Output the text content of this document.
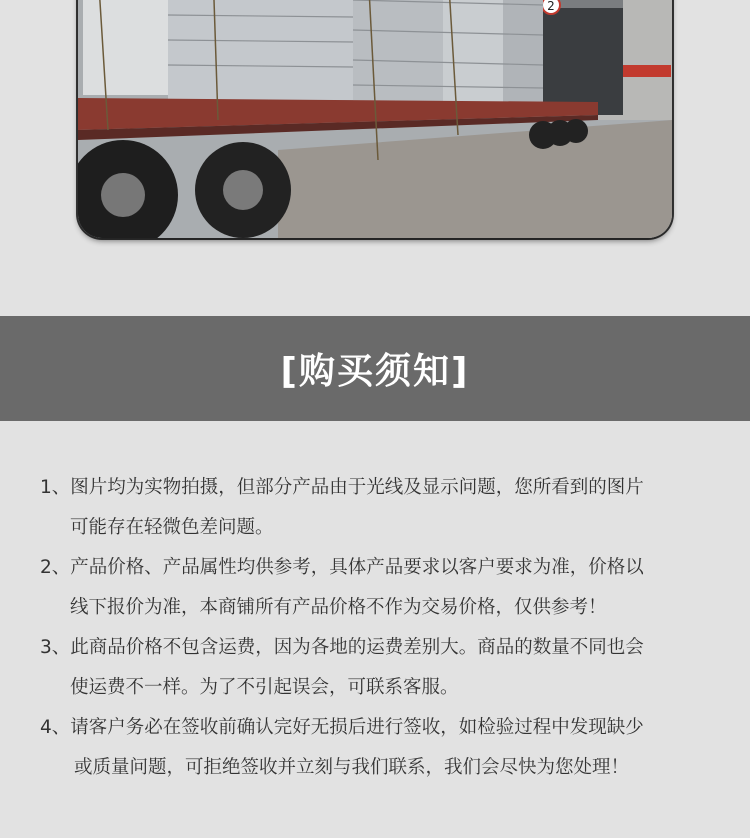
2
[购买须知]
1、图片均为实物拍摄，但部分产品由于光线及显示问题，您所看到的图片
可能存在轻微色差问题。
2、产品价格、产品属性均供参考，具体产品要求以客户要求为准，价格以
线下报价为准，本商铺所有产品价格不作为交易价格，仅供参考！
3、此商品价格不包含运费，因为各地的运费差别大。商品的数量不同也会
使运费不一样。为了不引起误会，可联系客服。
4、请客户务必在签收前确认完好无损后进行签收，如检验过程中发现缺少
或质量问题，可拒绝签收并立刻与我们联系，我们会尽快为您处理！
